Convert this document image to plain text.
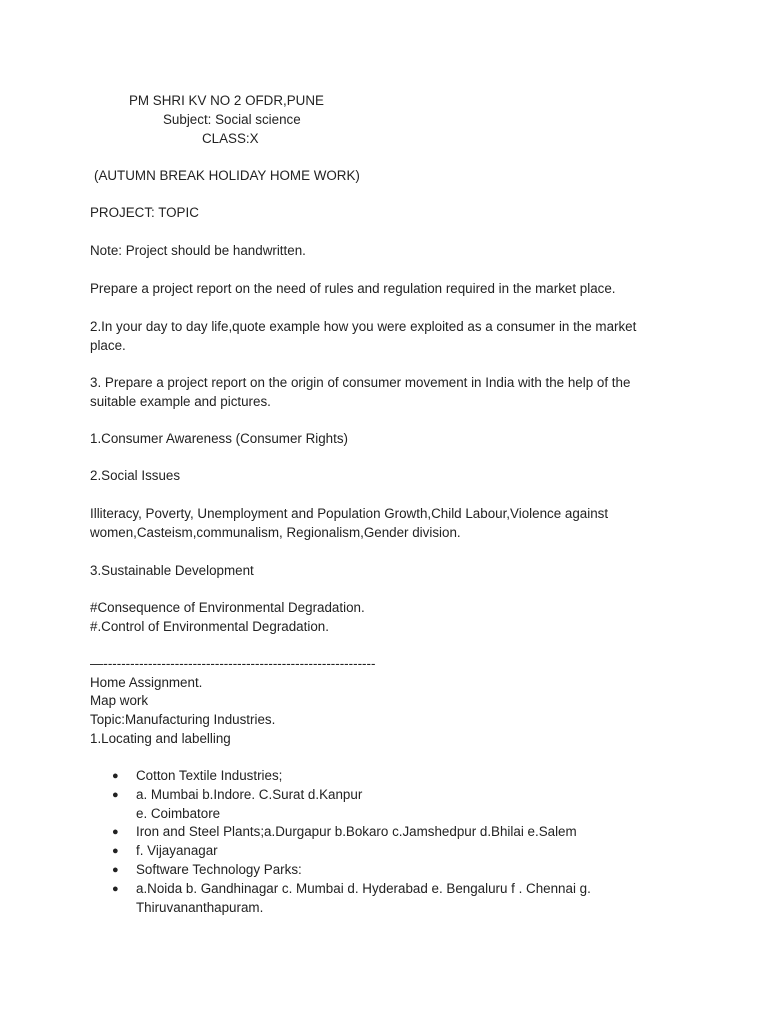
PM SHRI KV NO 2 OFDR,PUNE
Subject: Social science
CLASS:X
(AUTUMN BREAK HOLIDAY HOME WORK)
PROJECT: TOPIC
Note: Project should be handwritten.
Prepare a project report on the need of rules and regulation required in the market place.
2.In your day to day life,quote example how you were exploited as a consumer in the market place.
3. Prepare a project report on the origin of consumer movement in India with the help of the suitable example and pictures.
1.Consumer Awareness (Consumer Rights)
2.Social Issues
Illiteracy, Poverty, Unemployment and Population Growth,Child Labour,Violence against women,Casteism,communalism, Regionalism,Gender division.
3.Sustainable Development
#Consequence of Environmental Degradation.
#.Control of Environmental Degradation.
—-------------------------------------------------------------
Home Assignment.
Map work
Topic:Manufacturing Industries.
1.Locating and labelling
● Cotton Textile Industries;
● a. Mumbai b.Indore. C.Surat d.Kanpur
e. Coimbatore
● Iron and Steel Plants;a.Durgapur b.Bokaro c.Jamshedpur d.Bhilai e.Salem
● f. Vijayanagar
● Software Technology Parks:
● a.Noida b. Gandhinagar c. Mumbai d. Hyderabad e. Bengaluru f . Chennai g. Thiruvananthapuram.
